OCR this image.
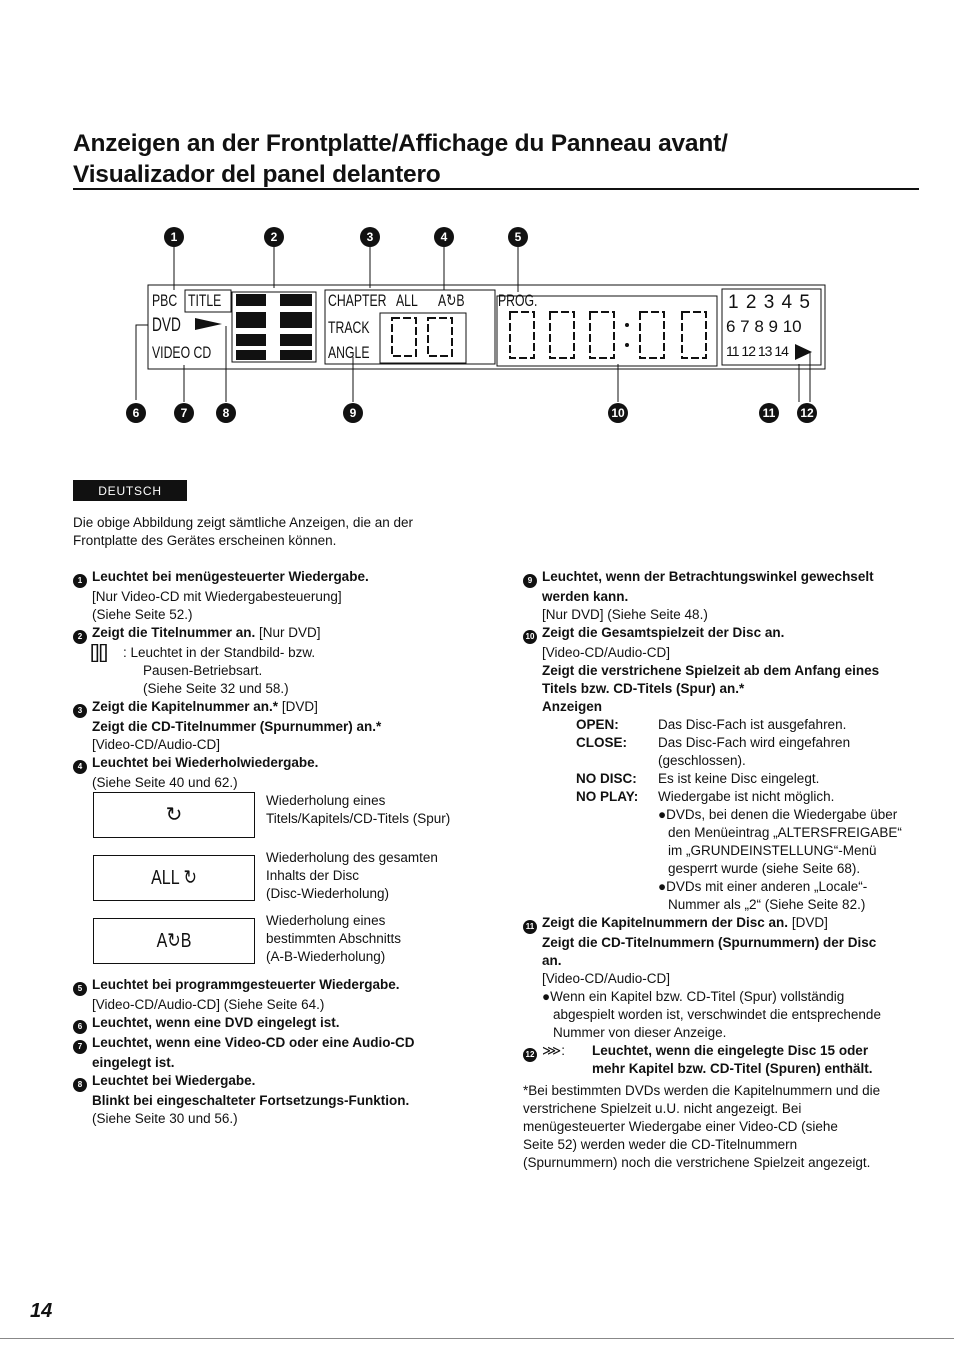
Anzeigen an der Frontplatte/Affichage du Panneau avant/
Visualizador del panel delantero
1	2	3	4	5
PBC TITLE
DVD
VIDEO CD
CHAPTER ALL A↻B
TRACK
ANGLE
PROG.	1 2 3 4 5
6 7 8 9 10
11 12 13 14
6	7	8	9	10	11	12
DEUTSCH
Die obige Abbildung zeigt sämtliche Anzeigen, die an der Frontplatte des Gerätes erscheinen können.
1 Leuchtet bei menügesteuerter Wiedergabe.
[Nur Video-CD mit Wiedergabesteuerung]
(Siehe Seite 52.)
2 Zeigt die Titelnummer an. [Nur DVD]
[][] : Leuchtet in der Standbild- bzw.
Pausen-Betriebsart.
(Siehe Seite 32 und 58.)
3 Zeigt die Kapitelnummer an.* [DVD]
Zeigt die CD-Titelnummer (Spurnummer) an.*
[Video-CD/Audio-CD]
4 Leuchtet bei Wiederholwiedergabe.
(Siehe Seite 40 und 62.)
↻
Wiederholung eines
Titels/Kapitels/CD-Titels (Spur)
ALL ↻
Wiederholung des gesamten
Inhalts der Disc
(Disc-Wiederholung)
A↻B
Wiederholung eines
bestimmten Abschnitts
(A-B-Wiederholung)
5 Leuchtet bei programmgesteuerter Wiedergabe.
[Video-CD/Audio-CD] (Siehe Seite 64.)
6 Leuchtet, wenn eine DVD eingelegt ist.
7 Leuchtet, wenn eine Video-CD oder eine Audio-CD
eingelegt ist.
8 Leuchtet bei Wiedergabe.
Blinkt bei eingeschalteter Fortsetzungs-Funktion.
(Siehe Seite 30 und 56.)
9 Leuchtet, wenn der Betrachtungswinkel gewechselt
werden kann.
[Nur DVD] (Siehe Seite 48.)
10 Zeigt die Gesamtspielzeit der Disc an.
[Video-CD/Audio-CD]
Zeigt die verstrichene Spielzeit ab dem Anfang eines
Titels bzw. CD-Titels (Spur) an.*
Anzeigen
OPEN:	Das Disc-Fach ist ausgefahren.
CLOSE: Das Disc-Fach wird eingefahren
(geschlossen).
NO DISC: Es ist keine Disc eingelegt.
NO PLAY: Wiedergabe ist nicht möglich.
●DVDs, bei denen die Wiedergabe über
den Menüeintrag „ALTERSFREIGABE“
im „GRUNDEINSTELLUNG“-Menü
gesperrt wurde (siehe Seite 68).
●DVDs mit einer anderen „Locale“-
Nummer als „2“ (Siehe Seite 82.)
11 Zeigt die Kapitelnummern der Disc an. [DVD]
Zeigt die CD-Titelnummern (Spurnummern) der Disc
an.
[Video-CD/Audio-CD]
●Wenn ein Kapitel bzw. CD-Titel (Spur) vollständig
abgespielt worden ist, verschwindet die entsprechende
Nummer von dieser Anzeige.
12 ⋙: Leuchtet, wenn die eingelegte Disc 15 oder
mehr Kapitel bzw. CD-Titel (Spuren) enthält.
*Bei bestimmten DVDs werden die Kapitelnummern und die
verstrichene Spielzeit u.U. nicht angezeigt. Bei
menügesteuerter Wiedergabe einer Video-CD (siehe
Seite 52) werden weder die CD-Titelnummern
(Spurnummern) noch die verstrichene Spielzeit angezeigt.
14
